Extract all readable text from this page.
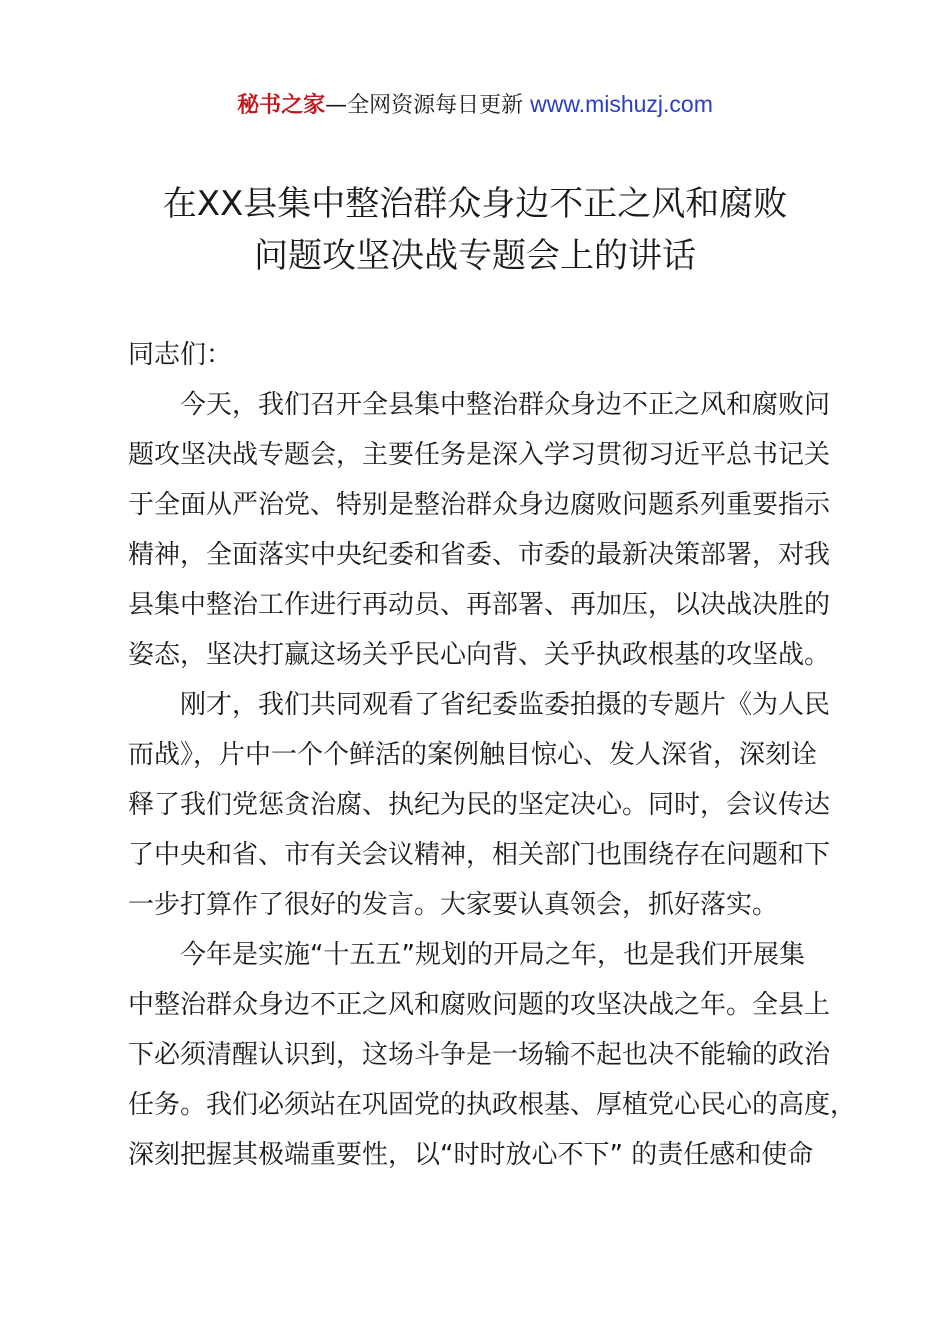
秘书之家—全网资源每日更新 www.mishuzj.com
在XX县集中整治群众身边不正之风和腐败
问题攻坚决战专题会上的讲话
同志们：
今天，我们召开全县集中整治群众身边不正之风和腐败问
题攻坚决战专题会，主要任务是深入学习贯彻习近平总书记关
于全面从严治党、特别是整治群众身边腐败问题系列重要指示
精神，全面落实中央纪委和省委、市委的最新决策部署，对我
县集中整治工作进行再动员、再部署、再加压，以决战决胜的
姿态，坚决打赢这场关乎民心向背、关乎执政根基的攻坚战。
刚才，我们共同观看了省纪委监委拍摄的专题片《为人民
而战》，片中一个个鲜活的案例触目惊心、发人深省，深刻诠
释了我们党惩贪治腐、执纪为民的坚定决心。同时，会议传达
了中央和省、市有关会议精神，相关部门也围绕存在问题和下
一步打算作了很好的发言。大家要认真领会，抓好落实。
今年是实施“十五五”规划的开局之年，也是我们开展集
中整治群众身边不正之风和腐败问题的攻坚决战之年。全县上
下必须清醒认识到，这场斗争是一场输不起也决不能输的政治
任务。我们必须站在巩固党的执政根基、厚植党心民心的高度，
深刻把握其极端重要性，以“时时放心不下” 的责任感和使命
